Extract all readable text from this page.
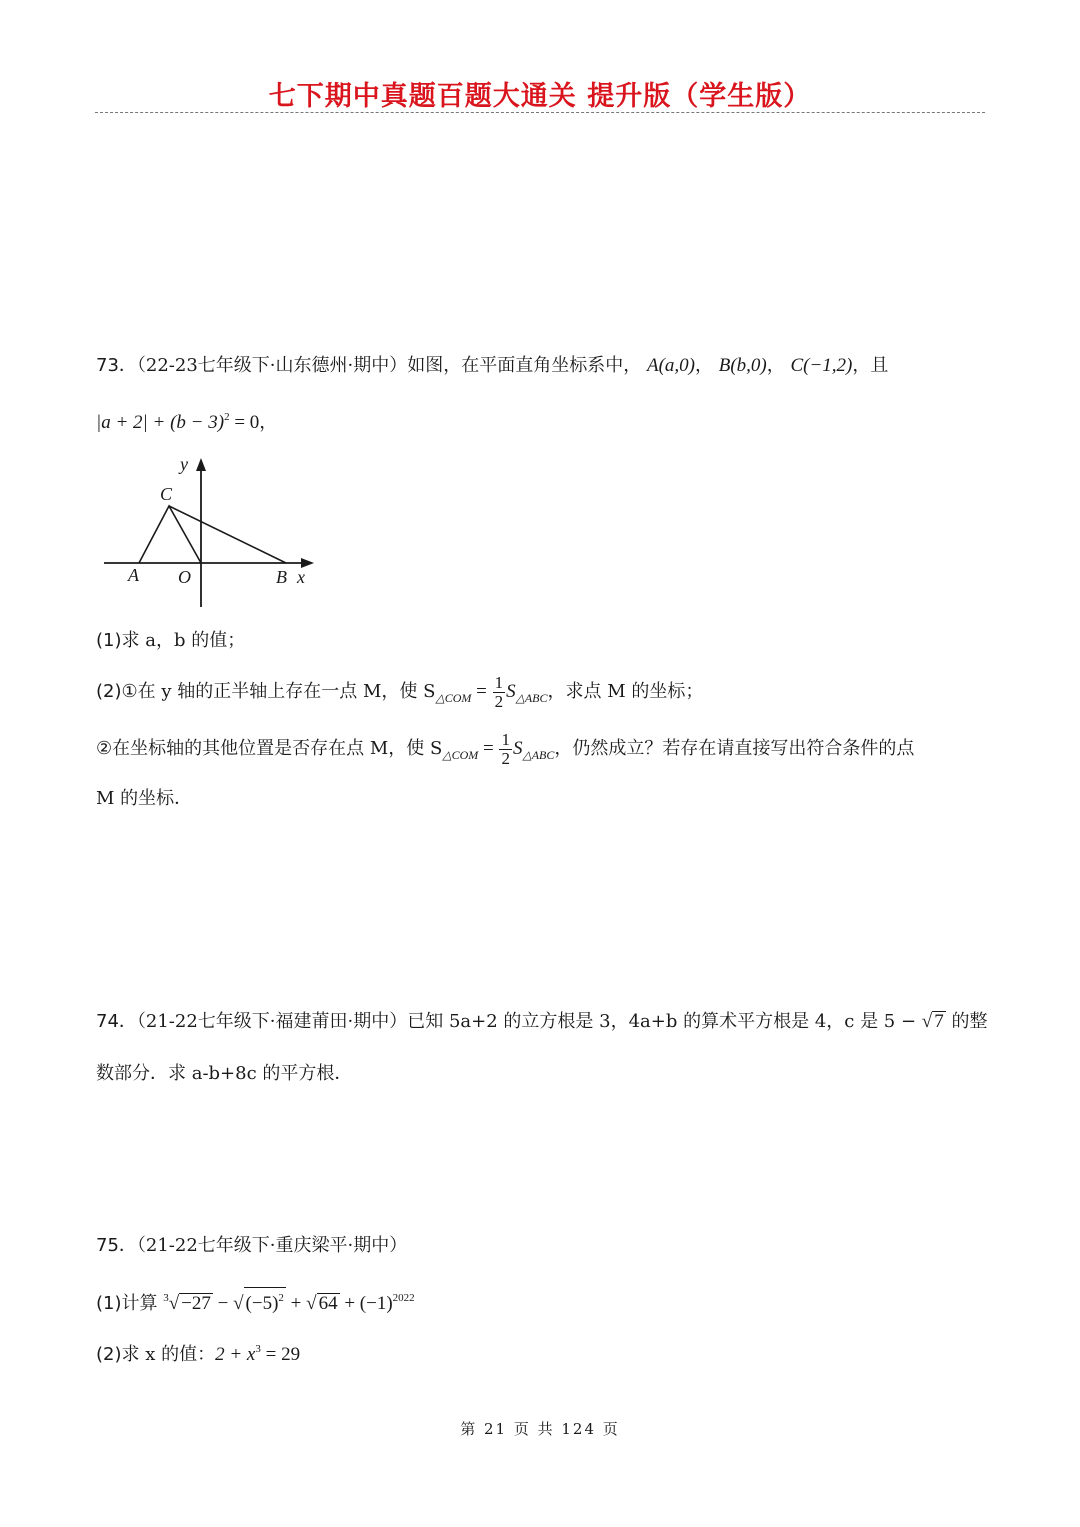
七下期中真题百题大通关 提升版（学生版）
73．（22-23七年级下·山东德州·期中）如图，在平面直角坐标系中， A(a,0)， B(b,0)， C(−1,2)，且
$|a + 2| + (b - 3)^2 = 0$，
y
x
C
A O	B
(1)求 a，b 的值；
(2)①在 y 轴的正半轴上存在一点 M，使 $S_{\triangle COM} = \frac{1}{2} S_{\triangle ABC}$，求点 M 的坐标；
②在坐标轴的其他位置是否存在点 M，使 $S_{\triangle COM} = \frac{1}{2} S_{\triangle ABC}$，仍然成立？若存在请直接写出符合条件的点
M 的坐标．
74．（21-22七年级下·福建莆田·期中）已知 5a+2 的立方根是 3，4a+b 的算术平方根是 4，c 是 5 − √ 7 的整
数部分．求 a-b+8c 的平方根．
75．（21-22七年级下·重庆梁平·期中）
(1)计算 $^3$√ −27 − √ $(-5)^2$ + √ $64 + (-1)^{2022}$
(2)求 x 的值：$2 + x^3 = 29$
第 21 页 共 124 页
